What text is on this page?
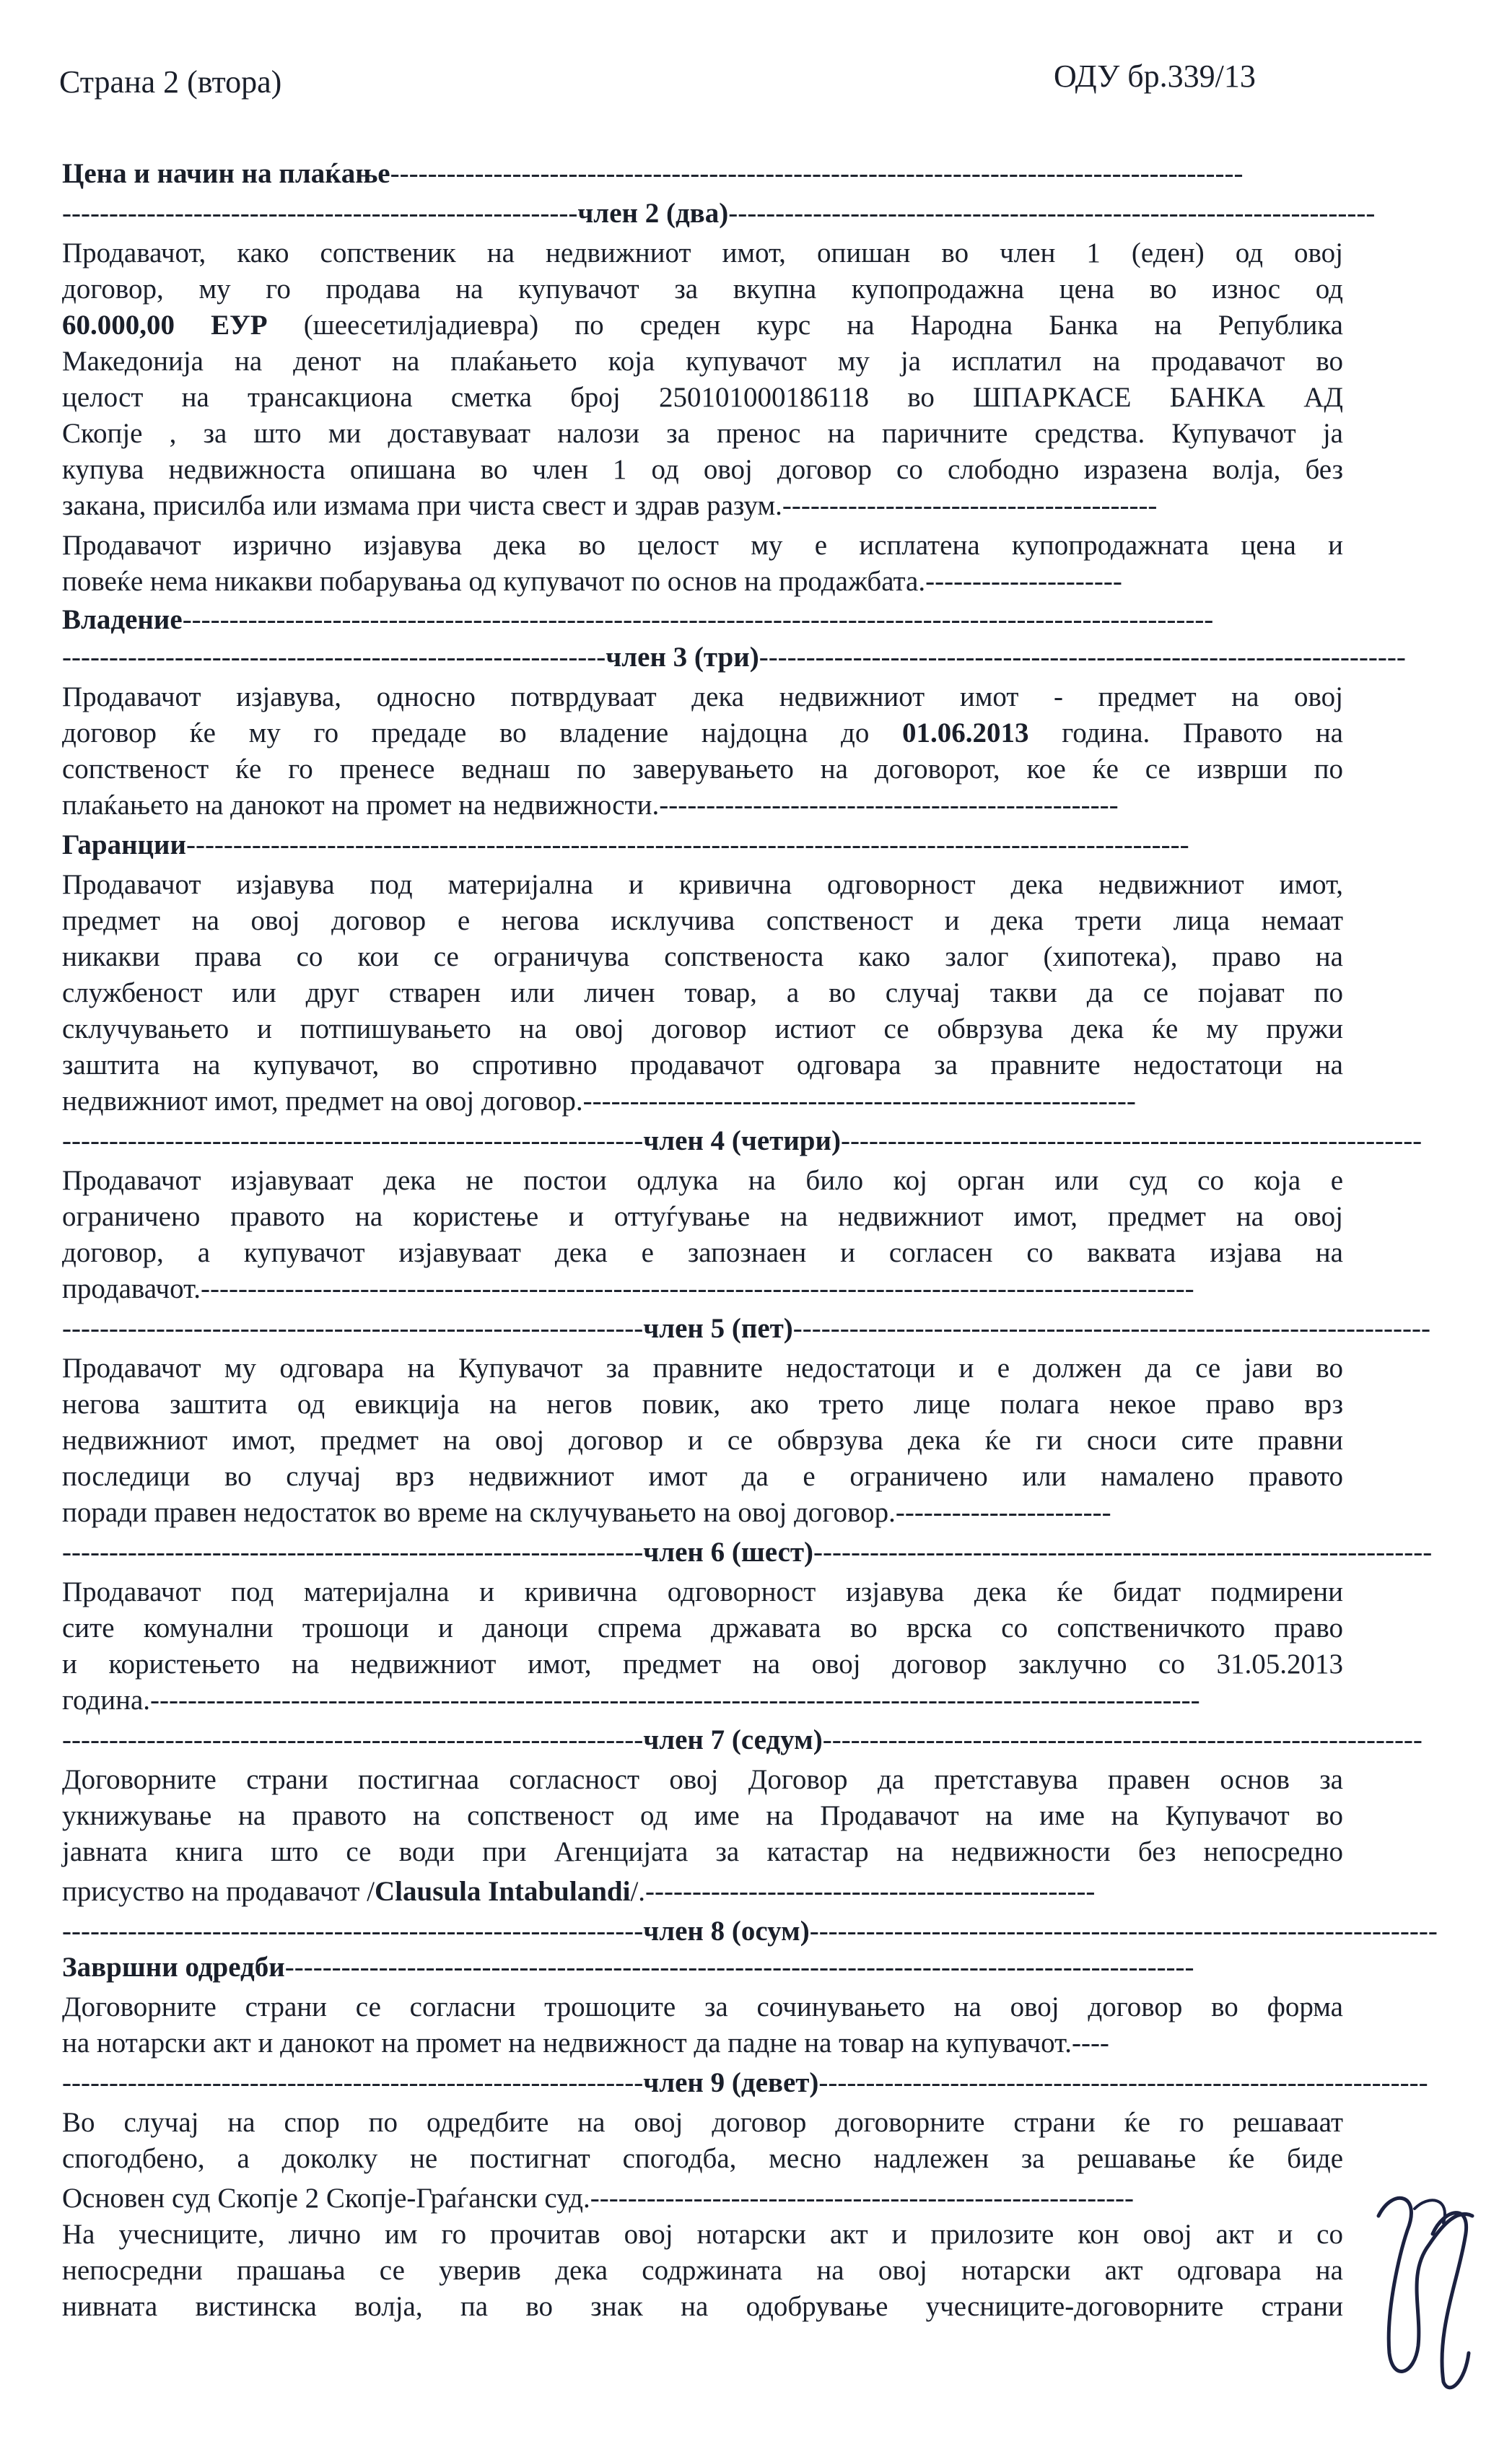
Страна 2 (втора)	ОДУ бр.339/13
Цена и начин на плаќање-------------------------------------------------------------------------------------------
-------------------------------------------------------член 2 (два)---------------------------------------------------------------------
Продавачот, како сопственик на недвижниот имот, опишан во член 1 (еден) од овој
договор, му го продава на купувачот за вкупна купопродажна цена во износ од
60.000,00 ЕУР (шеесетилјадиевра) по среден курс на Народна Банка на Република
Македонија на денот на плаќањето која купувачот му ја исплатил на продавачот во
целост на трансакциона сметка број 250101000186118 во ШПАРКАСЕ БАНКА АД
Скопје , за што ми доставуваат налози за пренос на паричните средства. Купувачот ја
купува недвижноста опишана во член 1 од овој договор со слободно изразена волја, без
закана, присилба или измама при чиста свест и здрав разум.----------------------------------------
Продавачот изрично изјавува дека во целост му е исплатена купопродажната цена и
повеќе нема никакви побарувања од купувачот по основ на продажбата.---------------------
Владение--------------------------------------------------------------------------------------------------------------
----------------------------------------------------------член 3 (три)---------------------------------------------------------------------
Продавачот изјавува, односно потврдуваат дека недвижниот имот - предмет на овој
договор ќе му го предаде во владение најдоцна до 01.06.2013 година. Правото на
сопственост ќе го пренесе веднаш по заверувањето на договорот, кое ќе се изврши по
плаќањето на данокот на промет на недвижности.-------------------------------------------------
Гаранции-----------------------------------------------------------------------------------------------------------
Продавачот изјавува под материјална и кривична одговорност дека недвижниот имот,
предмет на овој договор е негова исклучива сопственост и дека трети лица немаат
никакви права со кои се ограничува сопственоста како залог (хипотека), право на
службеност или друг стварен или личен товар, а во случај такви да се појават по
склучувањето и потпишувањето на овој договор истиот се обврзува дека ќе му пружи
заштита на купувачот, во спротивно продавачот одговара за правните недостатоци на
недвижниот имот, предмет на овој договор.-----------------------------------------------------------
--------------------------------------------------------------член 4 (четири)--------------------------------------------------------------
Продавачот изјавуваат дека не постои одлука на било кој орган или суд со која е
ограничено правото на користење и оттуѓување на недвижниот имот, предмет на овој
договор, а купувачот изјавуваат дека е запознаен и согласен со ваквата изјава на
продавачот.----------------------------------------------------------------------------------------------------------
--------------------------------------------------------------член 5 (пет)--------------------------------------------------------------------
Продавачот му одговара на Купувачот за правните недостатоци и е должен да се јави во
негова заштита од евикција на негов повик, ако трето лице полага некое право врз
недвижниот имот, предмет на овој договор и се обврзува дека ќе ги сноси сите правни
последици во случај врз недвижниот имот да е ограничено или намалено правото
поради правен недостаток во време на склучувањето на овој договор.-----------------------
--------------------------------------------------------------член 6 (шест)------------------------------------------------------------------
Продавачот под материјална и кривична одговорност изјавува дека ќе бидат подмирени
сите комунални трошоци и даноци спрема државата во врска со сопственичкото право
и користењето на недвижниот имот, предмет на овој договор заклучно со 31.05.2013
година.----------------------------------------------------------------------------------------------------------------
--------------------------------------------------------------член 7 (седум)----------------------------------------------------------------
Договорните страни постигнаа согласност овој Договор да претставува правен основ за
укнижување на правото на сопственост од име на Продавачот на име на Купувачот во
јавната книга што се води при Агенцијата за катастар на недвижности без непосредно
присуство на продавачот /Clausula Intabulandi/.------------------------------------------------
--------------------------------------------------------------член 8 (осум)-------------------------------------------------------------------
Завршни одредби-------------------------------------------------------------------------------------------------
Договорните страни се согласни трошоците за сочинувањето на овој договор во форма
на нотарски акт и данокот на промет на недвижност да падне на товар на купувачот.----
--------------------------------------------------------------член 9 (девет)-----------------------------------------------------------------
Во случај на спор по одредбите на овој договор договорните страни ќе го решаваат
спогодбено, а доколку не постигнат спогодба, месно надлежен за решавање ќе биде
Основен суд Скопје 2 Скопје-Граѓански суд.----------------------------------------------------------
На учесниците, лично им го прочитав овој нотарски акт и прилозите кон овој акт и со
непосредни прашања се уверив дека содржината на овој нотарски акт одговара на
нивната вистинска волја, па во знак на одобрување учесниците-договорните страни
